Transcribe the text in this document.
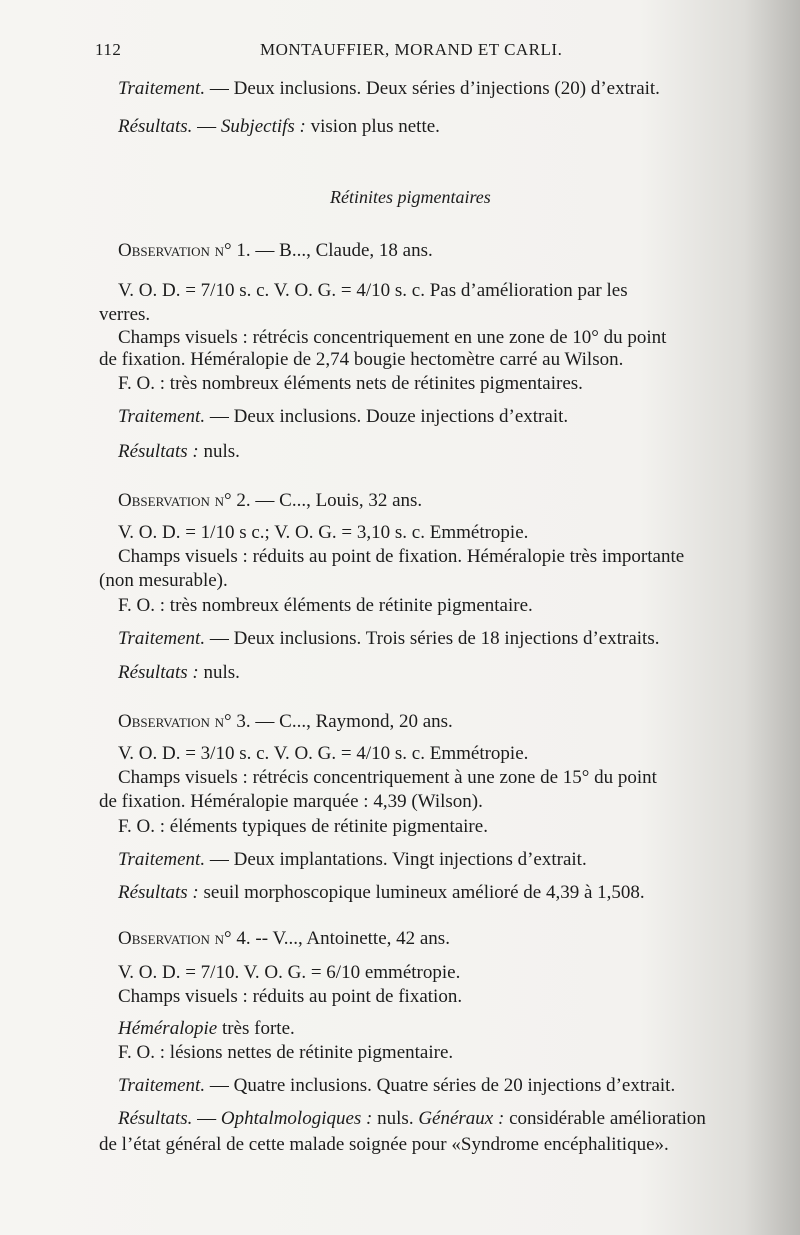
112	MONTAUFFIER, MORAND ET CARLI.
Traitement. — Deux inclusions. Deux séries d’injections (20) d’extrait.
Résultats. — Subjectifs : vision plus nette.
Rétinites pigmentaires
Observation n° 1. — B..., Claude, 18 ans.
V. O. D. = 7/10 s. c. V. O. G. = 4/10 s. c. Pas d’amélioration par les
verres.
Champs visuels : rétrécis concentriquement en une zone de 10° du point
de fixation. Héméralopie de 2,74 bougie hectomètre carré au Wilson.
F. O. : très nombreux éléments nets de rétinites pigmentaires.
Traitement. — Deux inclusions. Douze injections d’extrait.
Résultats : nuls.
Observation n° 2. — C..., Louis, 32 ans.
V. O. D. = 1/10 s c.; V. O. G. = 3,10 s. c. Emmétropie.
Champs visuels : réduits au point de fixation. Héméralopie très importante
(non mesurable).
F. O. : très nombreux éléments de rétinite pigmentaire.
Traitement. — Deux inclusions. Trois séries de 18 injections d’extraits.
Résultats : nuls.
Observation n° 3. — C..., Raymond, 20 ans.
V. O. D. = 3/10 s. c. V. O. G. = 4/10 s. c. Emmétropie.
Champs visuels : rétrécis concentriquement à une zone de 15° du point
de fixation. Héméralopie marquée : 4,39 (Wilson).
F. O. : éléments typiques de rétinite pigmentaire.
Traitement. — Deux implantations. Vingt injections d’extrait.
Résultats : seuil morphoscopique lumineux amélioré de 4,39 à 1,508.
Observation n° 4. -- V..., Antoinette, 42 ans.
V. O. D. = 7/10. V. O. G. = 6/10 emmétropie.
Champs visuels : réduits au point de fixation.
Héméralopie très forte.
F. O. : lésions nettes de rétinite pigmentaire.
Traitement. — Quatre inclusions. Quatre séries de 20 injections d’extrait.
Résultats. — Ophtalmologiques : nuls. Généraux : considérable amélioration
de l’état général de cette malade soignée pour «Syndrome encéphalitique».
